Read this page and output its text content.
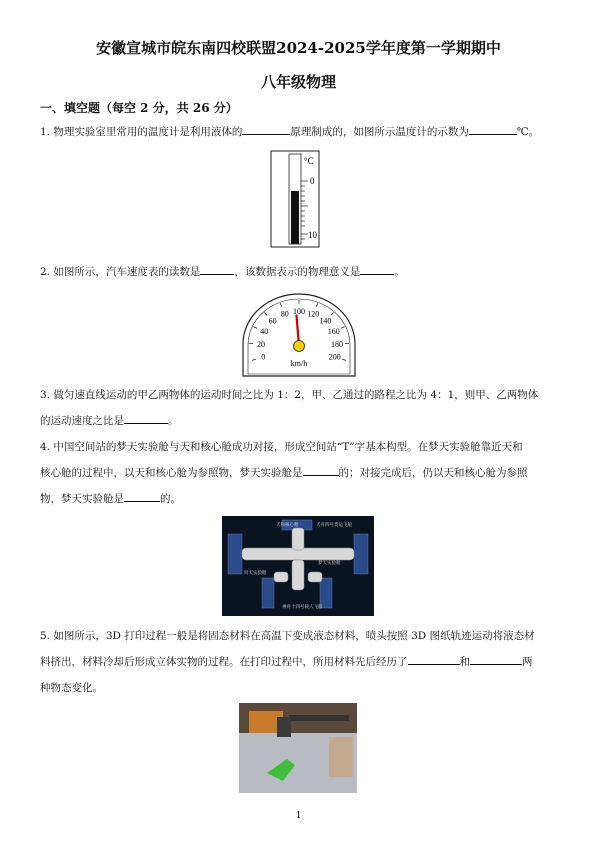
安徽宣城市皖东南四校联盟2024-2025学年度第一学期期中
八年级物理
一、填空题（每空 2 分，共 26 分）
1. 物理实验室里常用的温度计是利用液体的	原理制成的，如图所示温度计的示数为	℃。
°C
0
10
2. 如图所示，汽车速度表的读数是	，该数据表示的物理意义是	。
0
20
40
60
80 100 120
140
160
180
200
km/h
3. 做匀速直线运动的甲乙两物体的运动时间之比为 1：2，甲、乙通过的路程之比为 4：1，则甲、乙两物体
的运动速度之比是	。
4. 中国空间站的梦天实验舱与天和核心舱成功对接，形成空间站“T”字基本构型。在梦天实验舱靠近天和
核心舱的过程中，以天和核心舱为参照物，梦天实验舱是	的；对接完成后，仍以天和核心舱为参照
物，梦天实验舱是	的。
天和核心舱	天舟四号货运飞船
问天实验舱
梦天实验舱
神舟十四号载人飞船
5. 如图所示，3D 打印过程一般是将固态材料在高温下变成液态材料，喷头按照 3D 图纸轨迹运动将液态材
料挤出，材料冷却后形成立体实物的过程。在打印过程中，所用材料先后经历了	和	两
种物态变化。
1
